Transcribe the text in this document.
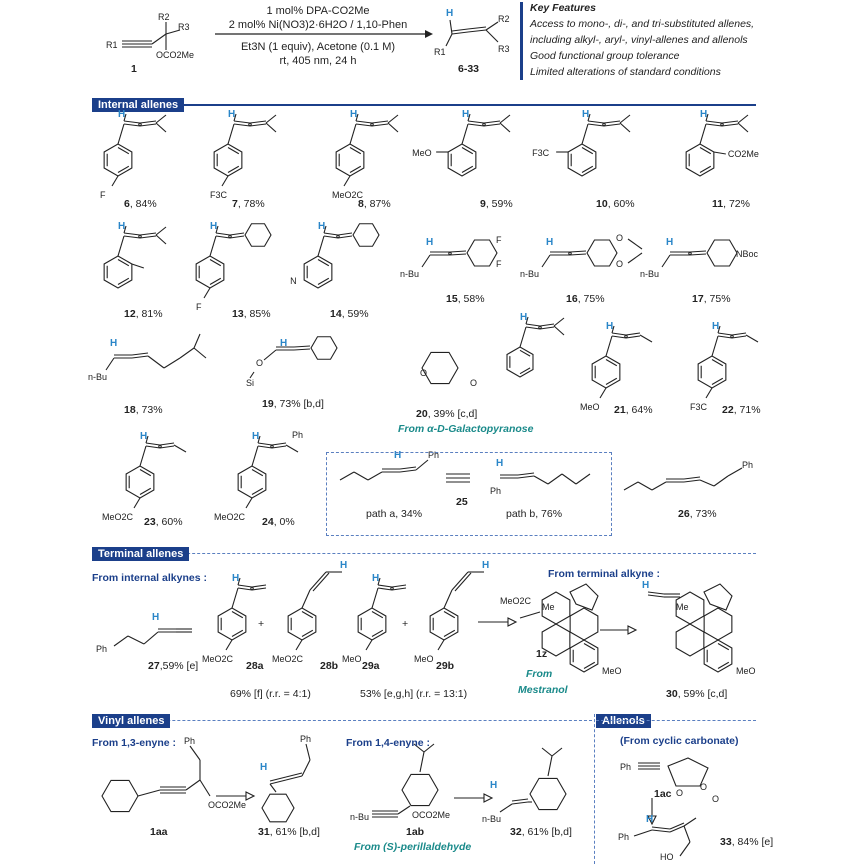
R1
R2
R3
OCO2Me
1
1 mol% DPA-CO2Me
2 mol% Ni(NO3)2·6H2O / 1,10-Phen
Et3N (1 equiv), Acetone (0.1 M)
rt, 405 nm, 24 h
H
R1
R2
R3
6-33
Key Features
Access to mono-, di-, and tri-substituted allenes,
including alkyl-, aryl-, vinyl-allenes and allenols
Good functional group tolerance
Limited alterations of standard conditions
Internal allenes
H
F
H
F3C
H
MeO2C
H
MeO
H
F3C
H
CO2Me
H	H
F
H
N
n-Bu
H	F
F
n-Bu
H	O
O
n-Bu
H
NBoc
n-Bu
H
O
H
Si
H
O
O
H
MeO
H
F3C
H
MeO2C
H
MeO2C
Ph
H	Ph
Ph
H	Ph
Ph
H
H
MeO2C
H
MeO2C
H
MeO
H
MeO
MeO
Me
MeO2C
MeO
Me
H
Ph
OCO2Me
H
Ph
n-Bu	OCO2Me	n-Bu
H
Ph
O
O
O
Ph
H
HO
6, 84%	7, 78%	8, 87%	9, 59%	10, 60%	11, 72%
12, 81%	13, 85%	14, 59%
15, 58%	16, 75%	17, 75%
18, 73%	19, 73% [b,d]
20, 39% [c,d]
From α-D-Galactopyranose
21, 64%	22, 71%
23, 60%	24, 0%
path a, 34%
25
path b, 76%	26, 73%
Terminal allenes
From internal alkynes :	From terminal alkyne :
27,59% [e]	28a	28b 29a	29b
+	+
69% [f] (r.r. = 4:1)	53% [e,g,h] (r.r. = 13:1)
1z
From
Mestranol	30, 59% [c,d]
Vinyl allenes
From 1,3-enyne :	From 1,4-enyne :
1aa	31, 61% [b,d]	1ab
From (S)-perillaldehyde
32, 61% [b,d]
Allenols
(From cyclic carbonate)
1ac
33, 84% [e]
